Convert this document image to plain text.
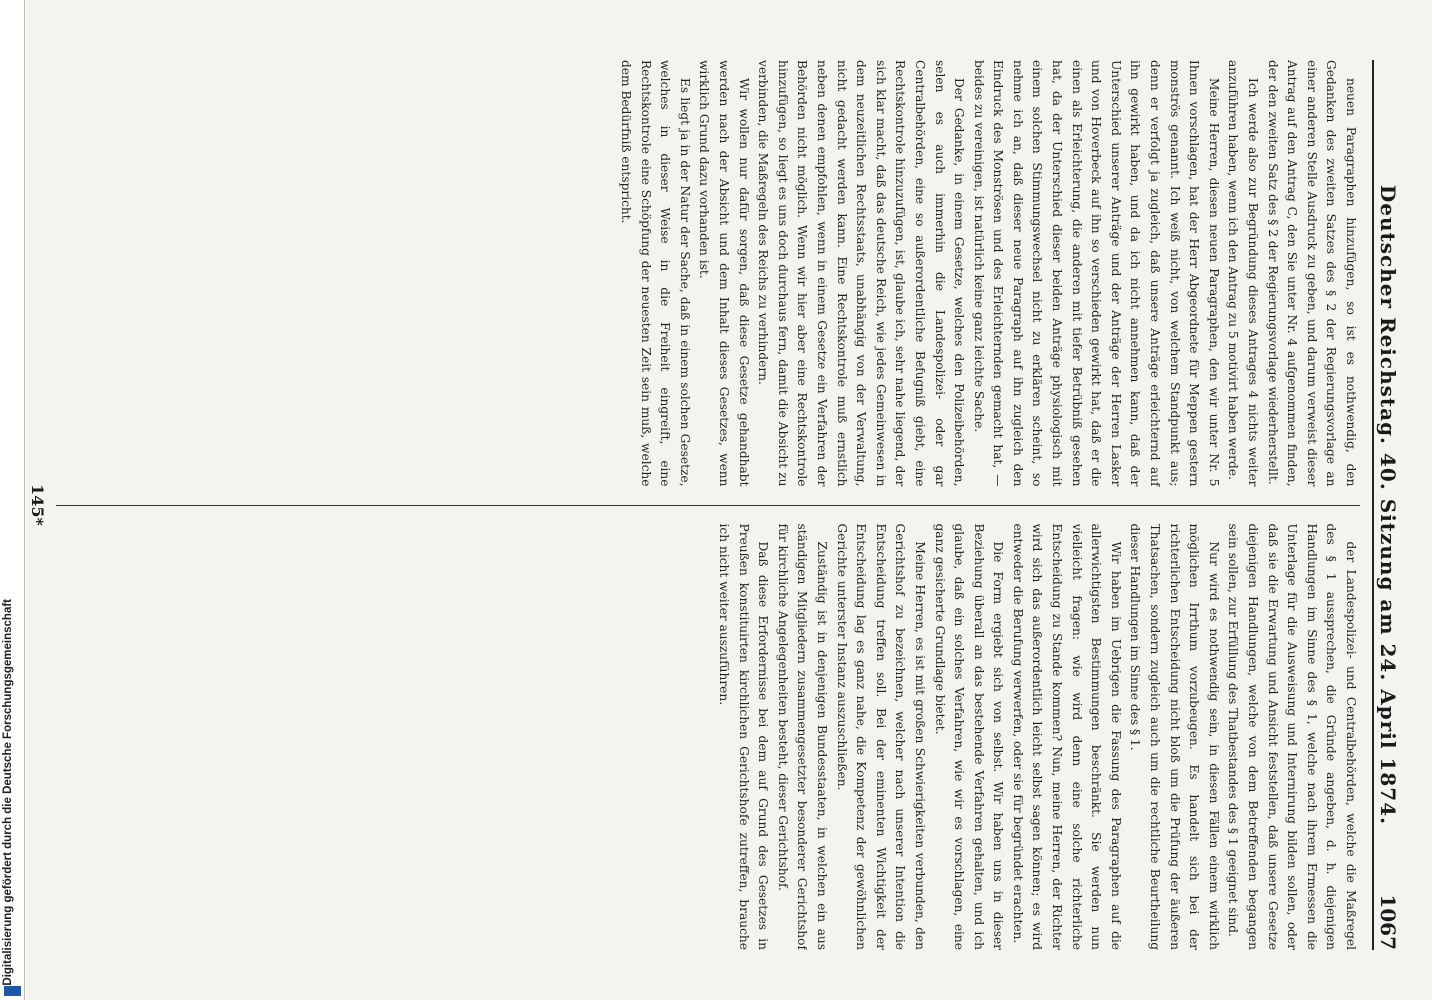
Deutscher Reichstag. 40. Sitzung am 24. April 1874.
1067

neuen Paragraphen hinzufügen, so ist es nothwendig, den Gedanken des zweiten Satzes des § 2 der Regierungsvorlage an einer anderen Stelle Ausdruck zu geben, und darum verweist dieser Antrag auf den Antrag C, den Sie unter Nr. 4 aufgenommen finden, der den zweiten Satz des § 2 der Regierungsvorlage wiederherstellt.

Ich werde also zur Begründung dieses Antrages 4 nichts weiter anzuführen haben, wenn ich den Antrag zu 5 motivirt haben werde.

Meine Herren, diesen neuen Paragraphen, den wir unter Nr. 5 Ihnen vorschlagen, hat der Herr Abgeordnete für Meppen gestern monströs genannt. Ich weiß nicht, von welchem Standpunkt aus; denn er verfolgt ja zugleich, daß unsere Anträge erleichternd auf ihn gewirkt haben, und da ich nicht annehmen kann, daß der Unterschied unserer Anträge und der Anträge der Herren Lasker und von Hoverbeck auf ihn so verschieden gewirkt hat, daß er die einen als Erleichterung, die anderen mit tiefer Betrübniß gesehen hat, da der Unterschied dieser beiden Anträge physiologisch mit einem solchen Stimmungswechsel nicht zu erklären scheint, so nehme ich an, daß dieser neue Paragraph auf ihn zugleich den Eindruck des Monströsen und des Erleichternden gemacht hat, — beides zu vereinigen, ist natürlich keine ganz leichte Sache.

Der Gedanke, in einem Gesetze, welches den Polizeibehörden, selen es auch immerhin die Landespolizei- oder gar Centralbehörden, eine so außerordentliche Befugniß giebt, eine Rechtskontrole hinzuzufügen, ist, glaube ich, sehr nahe liegend, der sich klar macht, daß das deutsche Reich, wie jedes Gemeinwesen in dem neuzeitlichen Rechtsstaats, unabhängig von der Verwaltung, nicht gedacht werden kann. Eine Rechtskontrole muß ernstlich neben denen empfohlen, wenn in einem Gesetze ein Verfahren der Behörden nicht möglich. Wenn wir hier aber eine Rechtskontrole hinzufügen, so liegt es uns doch durchaus fern, damit die Absicht zu verbinden, die Maßregeln des Reichs zu verhindern.

Wir wollen nur dafür sorgen, daß diese Gesetze gehandhabt werden nach der Absicht und dem Inhalt dieses Gesetzes, wenn wirklich Grund dazu vorhanden ist.

Es liegt ja in der Natur der Sache, daß in einem solchen Gesetze, welches in dieser Weise in die Freiheit eingreift, eine Rechtskontrole eine Schöpfung der neuesten Zeit sein muß, welche dem Bedürfniß entspricht.

der Landespolizei- und Centralbehörden, welche die Maßregel des § 1 aussprechen, die Gründe angeben, d. h. diejenigen Handlungen im Sinne des § 1, welche nach ihrem Ermessen die Unterlage für die Ausweisung und Internirung bilden sollen, oder daß sie die Erwartung und Ansicht feststellen, daß unsere Gesetze diejenigen Handlungen, welche von dem Betreffenden begangen sein sollen, zur Erfüllung des Thatbestandes des § 1 geeignet sind.

Nur wird es nothwendig sein, in diesen Fällen einem wirklich möglichen Irrthum vorzubeugen. Es handelt sich bei der richterlichen Entscheidung nicht bloß um die Prüfung der äußeren Thatsachen, sondern zugleich auch um die rechtliche Beurtheilung dieser Handlungen im Sinne des § 1.

Wir haben im Uebrigen die Fassung des Paragraphen auf die allerwichtigsten Bestimmungen beschränkt. Sie werden nun vielleicht fragen: wie wird denn eine solche richterliche Entscheidung zu Stande kommen? Nun, meine Herren, der Richter wird sich das außerordentlich leicht selbst sagen können; es wird entweder die Berufung verwerfen, oder sie für begründet erachten.

Die Form ergiebt sich von selbst. Wir haben uns in dieser Beziehung überall an das bestehende Verfahren gehalten, und ich glaube, daß ein solches Verfahren, wie wir es vorschlagen, eine ganz gesicherte Grundlage bietet.

Meine Herren, es ist mit großen Schwierigkeiten verbunden, den Gerichtshof zu bezeichnen, welcher nach unserer Intention die Entscheidung treffen soll. Bei der eminenten Wichtigkeit der Entscheidung lag es ganz nahe, die Kompetenz der gewöhnlichen Gerichte unterster Instanz auszuschließen.

Zuständig ist in denjenigen Bundesstaaten, in welchen ein aus ständigen Mitgliedern zusammengesetzter besonderer Gerichtshof für kirchliche Angelegenheiten besteht, dieser Gerichtshof.

Daß diese Erfordernisse bei dem auf Grund des Gesetzes in Preußen konstituirten kirchlichen Gerichtshofe zutreffen, brauche ich nicht weiter auszuführen.

145*
Digitalisierung gefördert durch die Deutsche Forschungsgemeinschaft
